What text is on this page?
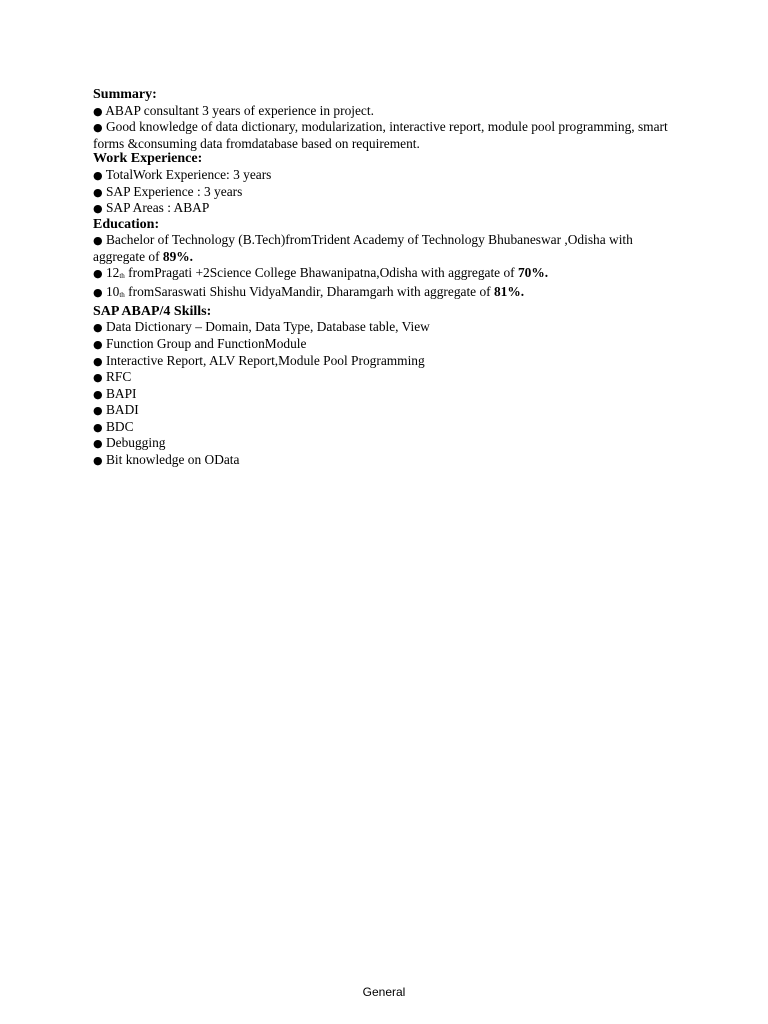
Summary:

● ABAP consultant 3 years of experience in project.

● Good knowledge of data dictionary, modularization, interactive report, module pool programming, smart forms &consuming data fromdatabase based on requirement.

Work Experience:

● TotalWork Experience: 3 years

● SAP Experience : 3 years

● SAP Areas : ABAP

Education:

● Bachelor of Technology (B.Tech)fromTrident Academy of Technology Bhubaneswar ,Odisha with aggregate of 89%.

● $12_{th}$ fromPragati +2Science College Bhawanipatna,Odisha with aggregate of 70%.

● $10_{th}$ fromSaraswati Shishu VidyaMandir, Dharamgarh with aggregate of 81%.

SAP ABAP/4 Skills:

● Data Dictionary – Domain, Data Type, Database table, View

● Function Group and FunctionModule

● Interactive Report, ALV Report,Module Pool Programming

● RFC

● BAPI

● BADI

● BDC

● Debugging

● Bit knowledge on OData

General
